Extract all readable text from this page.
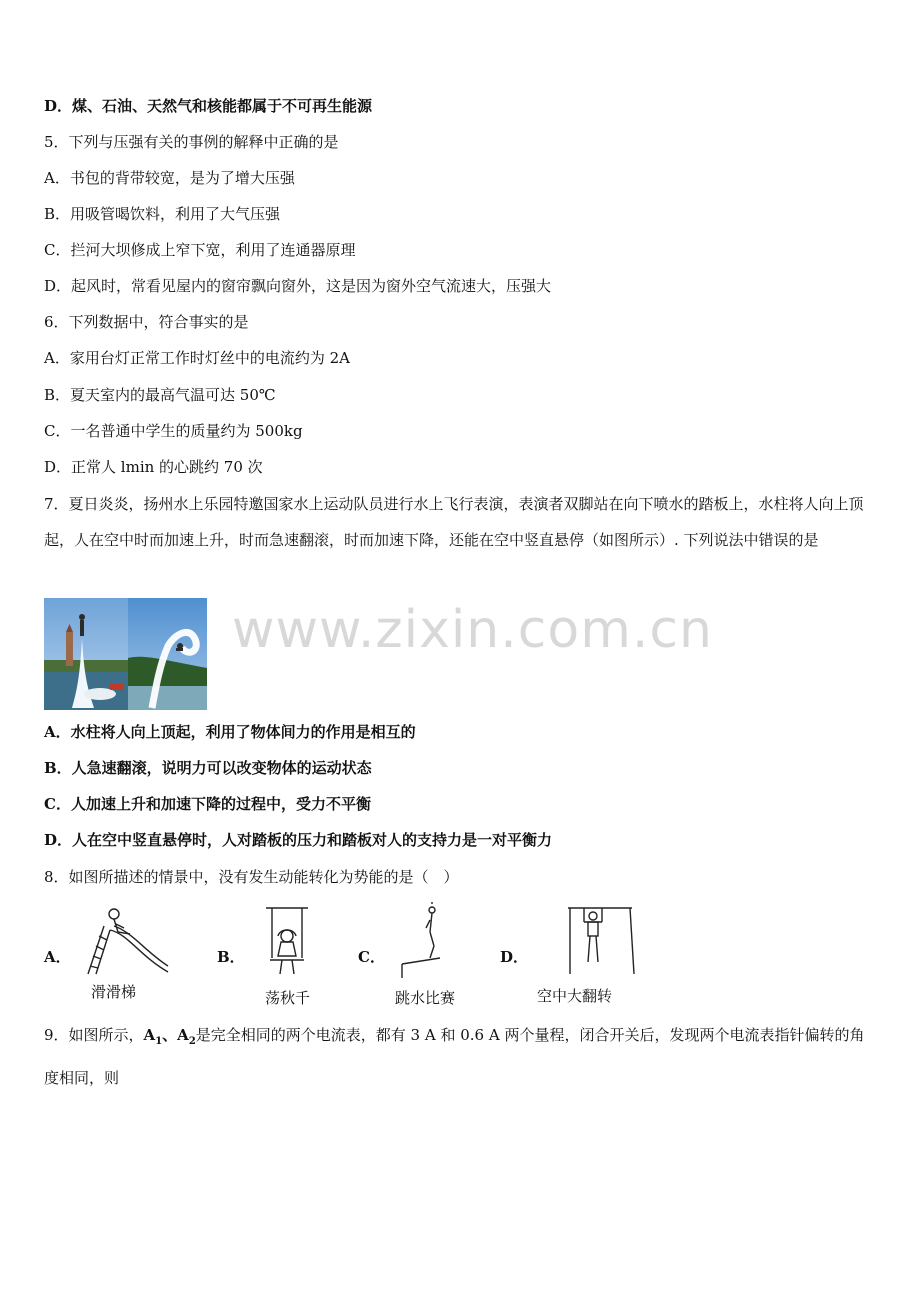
D．煤、石油、天然气和核能都属于不可再生能源
5．下列与压强有关的事例的解释中正确的是
A．书包的背带较宽，是为了增大压强
B．用吸管喝饮料，利用了大气压强
C．拦河大坝修成上窄下宽，利用了连通器原理
D．起风时，常看见屋内的窗帘飘向窗外，这是因为窗外空气流速大，压强大
6．下列数据中，符合事实的是
A．家用台灯正常工作时灯丝中的电流约为 2A
B．夏天室内的最高气温可达 50℃
C．一名普通中学生的质量约为 500kg
D．正常人 lmin 的心跳约 70 次
7．夏日炎炎，扬州水上乐园特邀国家水上运动队员进行水上飞行表演，表演者双脚站在向下喷水的踏板上，水柱将人向上顶起，人在空中时而加速上升，时而急速翻滚，时而加速下降，还能在空中竖直悬停（如图所示）. 下列说法中错误的是
www.zixin.com.cn
A．水柱将人向上顶起，利用了物体间力的作用是相互的
B．人急速翻滚，说明力可以改变物体的运动状态
C．人加速上升和加速下降的过程中，受力不平衡
D．人在空中竖直悬停时，人对踏板的压力和踏板对人的支持力是一对平衡力
8．如图所描述的情景中，没有发生动能转化为势能的是（　）
A．
滑滑梯
B．
荡秋千
C．
跳水比赛
D．
空中大翻转
9．如图所示，$A_1$、$A_2$是完全相同的两个电流表，都有 3 A 和 0.6 A 两个量程，闭合开关后，发现两个电流表指针偏转的角度相同，则
